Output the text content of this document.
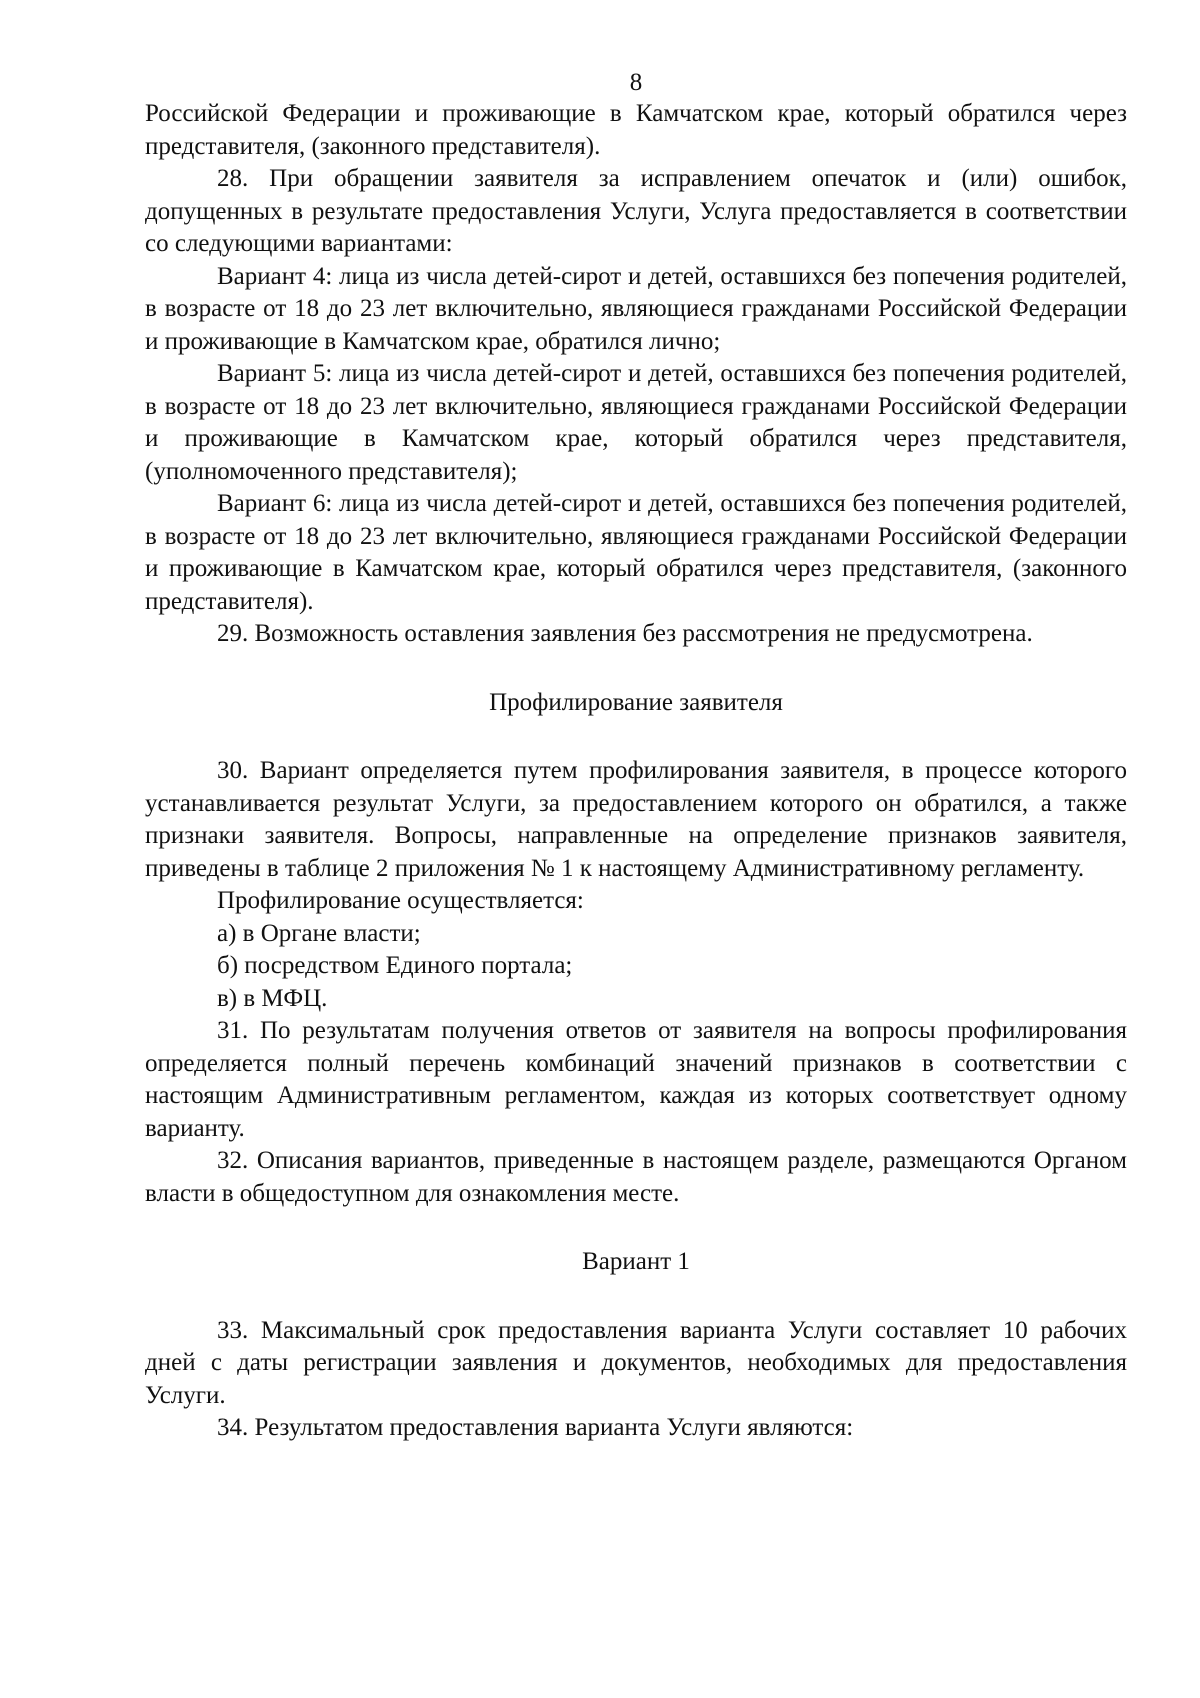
8

Российской Федерации и проживающие в Камчатском крае, который обратился через представителя, (законного представителя).

28. При обращении заявителя за исправлением опечаток и (или) ошибок, допущенных в результате предоставления Услуги, Услуга предоставляется в соответствии со следующими вариантами:

Вариант 4: лица из числа детей-сирот и детей, оставшихся без попечения родителей, в возрасте от 18 до 23 лет включительно, являющиеся гражданами Российской Федерации и проживающие в Камчатском крае, обратился лично;

Вариант 5: лица из числа детей-сирот и детей, оставшихся без попечения родителей, в возрасте от 18 до 23 лет включительно, являющиеся гражданами Российской Федерации и проживающие в Камчатском крае, который обратился через представителя, (уполномоченного представителя);

Вариант 6: лица из числа детей-сирот и детей, оставшихся без попечения родителей, в возрасте от 18 до 23 лет включительно, являющиеся гражданами Российской Федерации и проживающие в Камчатском крае, который обратился через представителя, (законного представителя).

29. Возможность оставления заявления без рассмотрения не предусмотрена.

Профилирование заявителя

30. Вариант определяется путем профилирования заявителя, в процессе которого устанавливается результат Услуги, за предоставлением которого он обратился, а также признаки заявителя. Вопросы, направленные на определение признаков заявителя, приведены в таблице 2 приложения № 1 к настоящему Административному регламенту.

Профилирование осуществляется:

а) в Органе власти;

б) посредством Единого портала;

в) в МФЦ.

31. По результатам получения ответов от заявителя на вопросы профилирования определяется полный перечень комбинаций значений признаков в соответствии с настоящим Административным регламентом, каждая из которых соответствует одному варианту.

32. Описания вариантов, приведенные в настоящем разделе, размещаются Органом власти в общедоступном для ознакомления месте.

Вариант 1

33. Максимальный срок предоставления варианта Услуги составляет 10 рабочих дней с даты регистрации заявления и документов, необходимых для предоставления Услуги.

34. Результатом предоставления варианта Услуги являются:
